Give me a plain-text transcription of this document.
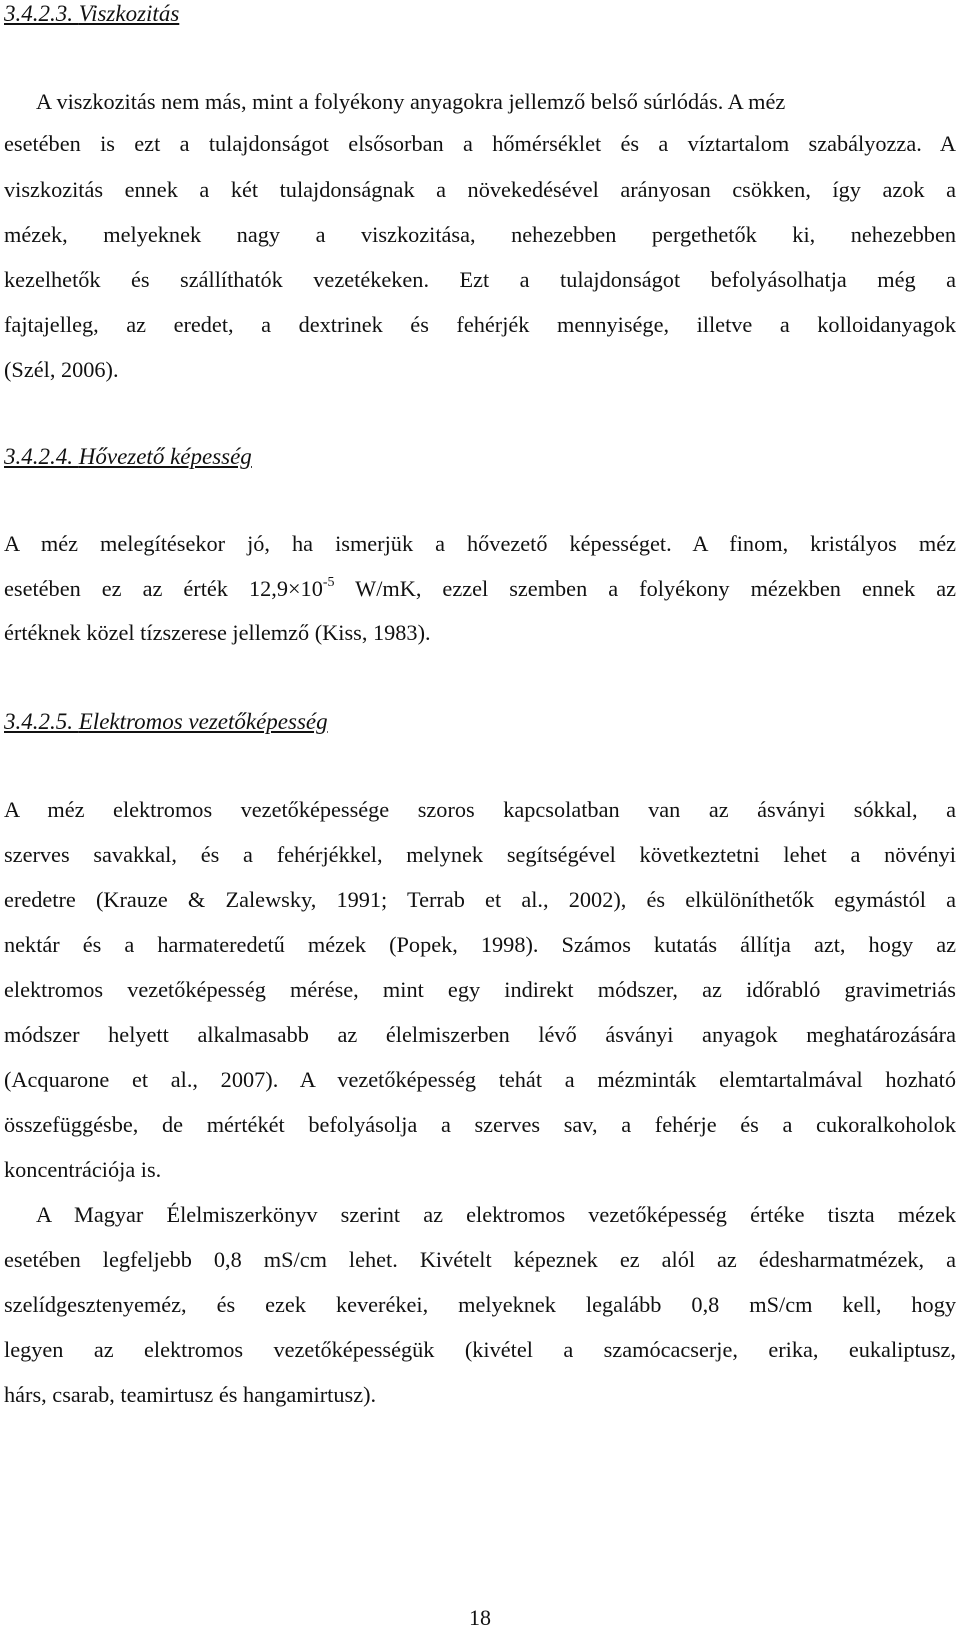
3.4.2.3. Viszkozitás
A viszkozitás nem más, mint a folyékony anyagokra jellemző belső súrlódás. A méz
esetében is ezt a tulajdonságot elsősorban a hőmérséklet és a víztartalom szabályozza. A
viszkozitás ennek a két tulajdonságnak a növekedésével arányosan csökken, így azok a
mézek, melyeknek nagy a viszkozitása, nehezebben pergethetők ki, nehezebben
kezelhetők és szállíthatók vezetékeken. Ezt a tulajdonságot befolyásolhatja még a
fajtajelleg, az eredet, a dextrinek és fehérjék mennyisége, illetve a kolloidanyagok
(Szél, 2006).
3.4.2.4. Hővezető képesség
A méz melegítésekor jó, ha ismerjük a hővezető képességet. A finom, kristályos méz
esetében ez az érték $12,9\times 10^{-5}$ W/mK, ezzel szemben a folyékony mézekben ennek az
értéknek közel tízszerese jellemző (Kiss, 1983).
3.4.2.5. Elektromos vezetőképesség
A méz elektromos vezetőképessége szoros kapcsolatban van az ásványi sókkal, a
szerves savakkal, és a fehérjékkel, melynek segítségével következtetni lehet a növényi
eredetre (Krauze & Zalewsky, 1991; Terrab et al., 2002), és elkülöníthetők egymástól a
nektár és a harmateredetű mézek (Popek, 1998). Számos kutatás állítja azt, hogy az
elektromos vezetőképesség mérése, mint egy indirekt módszer, az időrabló gravimetriás
módszer helyett alkalmasabb az élelmiszerben lévő ásványi anyagok meghatározására
(Acquarone et al., 2007). A vezetőképesség tehát a mézminták elemtartalmával hozható
összefüggésbe, de mértékét befolyásolja a szerves sav, a fehérje és a cukoralkoholok
koncentrációja is.
A Magyar Élelmiszerkönyv szerint az elektromos vezetőképesség értéke tiszta mézek
esetében legfeljebb 0,8 mS/cm lehet. Kivételt képeznek ez alól az édesharmatmézek, a
szelídgesztenyeméz, és ezek keverékei, melyeknek legalább 0,8 mS/cm kell, hogy
legyen az elektromos vezetőképességük (kivétel a szamócacserje, erika, eukaliptusz,
hárs, csarab, teamirtusz és hangamirtusz).
18
